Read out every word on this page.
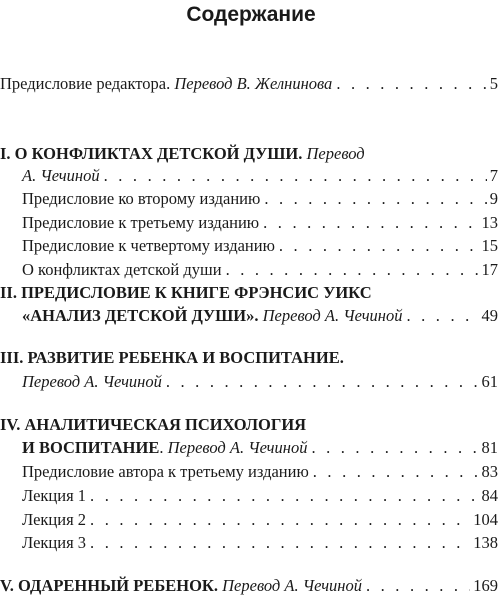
Содержание
Предисловие редактора. Перевод В. Желнинова . . .	5
I. О КОНФЛИКТАХ ДЕТСКОЙ ДУШИ. Перевод
А. Чечиной . . .	7
Предисловие ко второму изданию . . .	9
Предисловие к третьему изданию . . .	13
Предисловие к четвертому изданию . . .	15
О конфликтах детской души . . .	17
II. ПРЕДИСЛОВИЕ К КНИГЕ ФРЭНСИС УИКС
«АНАЛИЗ ДЕТСКОЙ ДУШИ». Перевод А. Чечиной . . .	49
III. РАЗВИТИЕ РЕБЕНКА И ВОСПИТАНИЕ.
Перевод А. Чечиной . . .	61
IV. АНАЛИТИЧЕСКАЯ ПСИХОЛОГИЯ
И ВОСПИТАНИЕ. Перевод А. Чечиной . . .	81
Предисловие автора к третьему изданию . . .	83
Лекция 1 . . .	84
Лекция 2 . . .	104
Лекция 3 . . .	138
V. ОДАРЕННЫЙ РЕБЕНОК. Перевод А. Чечиной . . .	169
